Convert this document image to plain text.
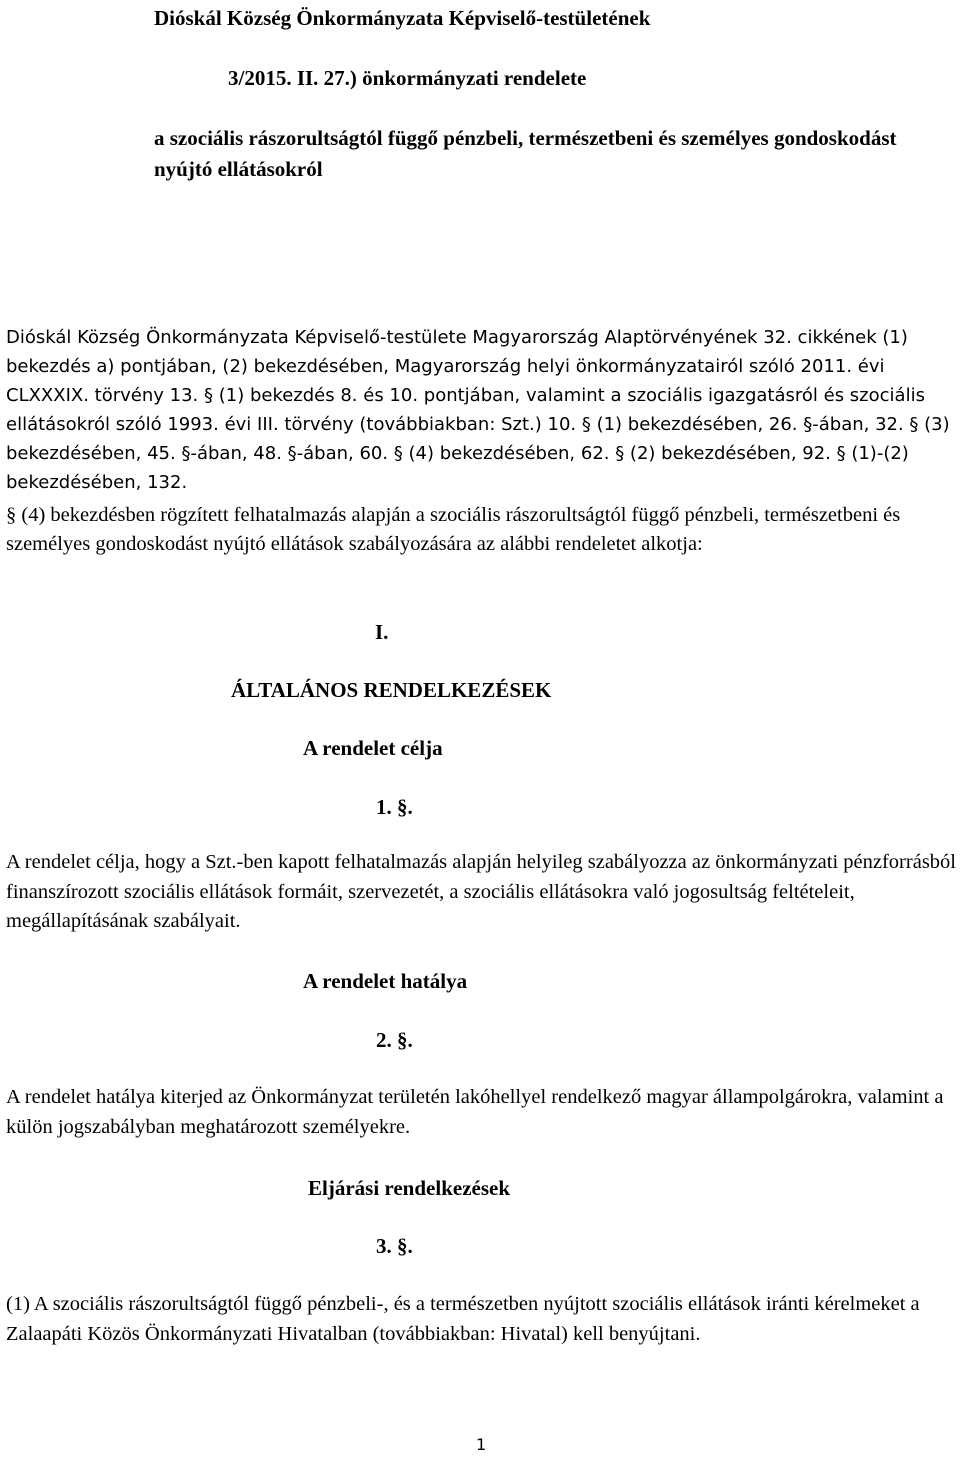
Dióskál Község Önkormányzata Képviselő-testületének
3/2015. II. 27.) önkormányzati rendelete
a szociális rászorultságtól függő pénzbeli, természetbeni és személyes gondoskodást nyújtó ellátásokról
Dióskál Község Önkormányzata Képviselő-testülete Magyarország Alaptörvényének 32. cikkének (1) bekezdés a) pontjában, (2) bekezdésében, Magyarország helyi önkormányzatairól szóló 2011. évi CLXXXIX. törvény 13. § (1) bekezdés 8. és 10. pontjában, valamint a szociális igazgatásról és szociális ellátásokról szóló 1993. évi III. törvény (továbbiakban: Szt.) 10. § (1) bekezdésében, 26. §-ában, 32. § (3) bekezdésében, 45. §-ában, 48. §-ában, 60. § (4) bekezdésében, 62. § (2) bekezdésében, 92. § (1)-(2) bekezdésében, 132.
§ (4) bekezdésben rögzített felhatalmazás alapján a szociális rászorultságtól függő pénzbeli, természetbeni és személyes gondoskodást nyújtó ellátások szabályozására az alábbi rendeletet alkotja:
I.
ÁLTALÁNOS RENDELKEZÉSEK
A rendelet célja
1. §.
A rendelet célja, hogy a Szt.-ben kapott felhatalmazás alapján helyileg szabályozza az önkormányzati pénzforrásból finanszírozott szociális ellátások formáit, szervezetét, a szociális ellátásokra való jogosultság feltételeit, megállapításának szabályait.
A rendelet hatálya
2. §.
A rendelet hatálya kiterjed az Önkormányzat területén lakóhellyel rendelkező magyar állampolgárokra, valamint a külön jogszabályban meghatározott személyekre.
Eljárási rendelkezések
3. §.
(1) A szociális rászorultságtól függő pénzbeli-, és a természetben nyújtott szociális ellátások iránti kérelmeket a Zalaapáti Közös Önkormányzati Hivatalban (továbbiakban: Hivatal) kell benyújtani.
1
